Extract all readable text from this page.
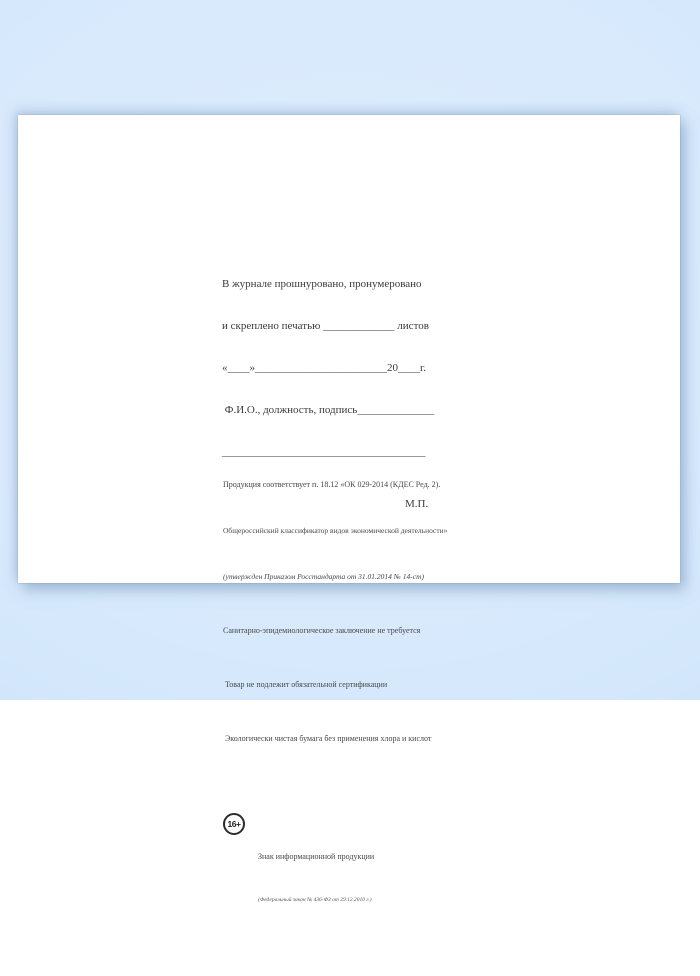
В журнале прошнуровано, пронумеровано

и скреплено печатью _____________ листов

«____»________________________20____г.

Ф.И.О., должность, подпись______________

_____________________________________

М.П.

Продукция соответствует п. 18.12 «ОК 029-2014 (КДЕС Ред. 2).

Общероссийский классификатор видов экономической деятельности»

(утвержден Приказом Росстандарта от 31.01.2014 № 14-ст)

Санитарно-эпидемиологическое заключение не требуется

Товар не подлежит обязательной сертификации

Экологически чистая бумага без применения хлора и кислот

16+

Знак информационной продукции

(Федеральный закон № 436-ФЗ от 29.12.2010 г.)
